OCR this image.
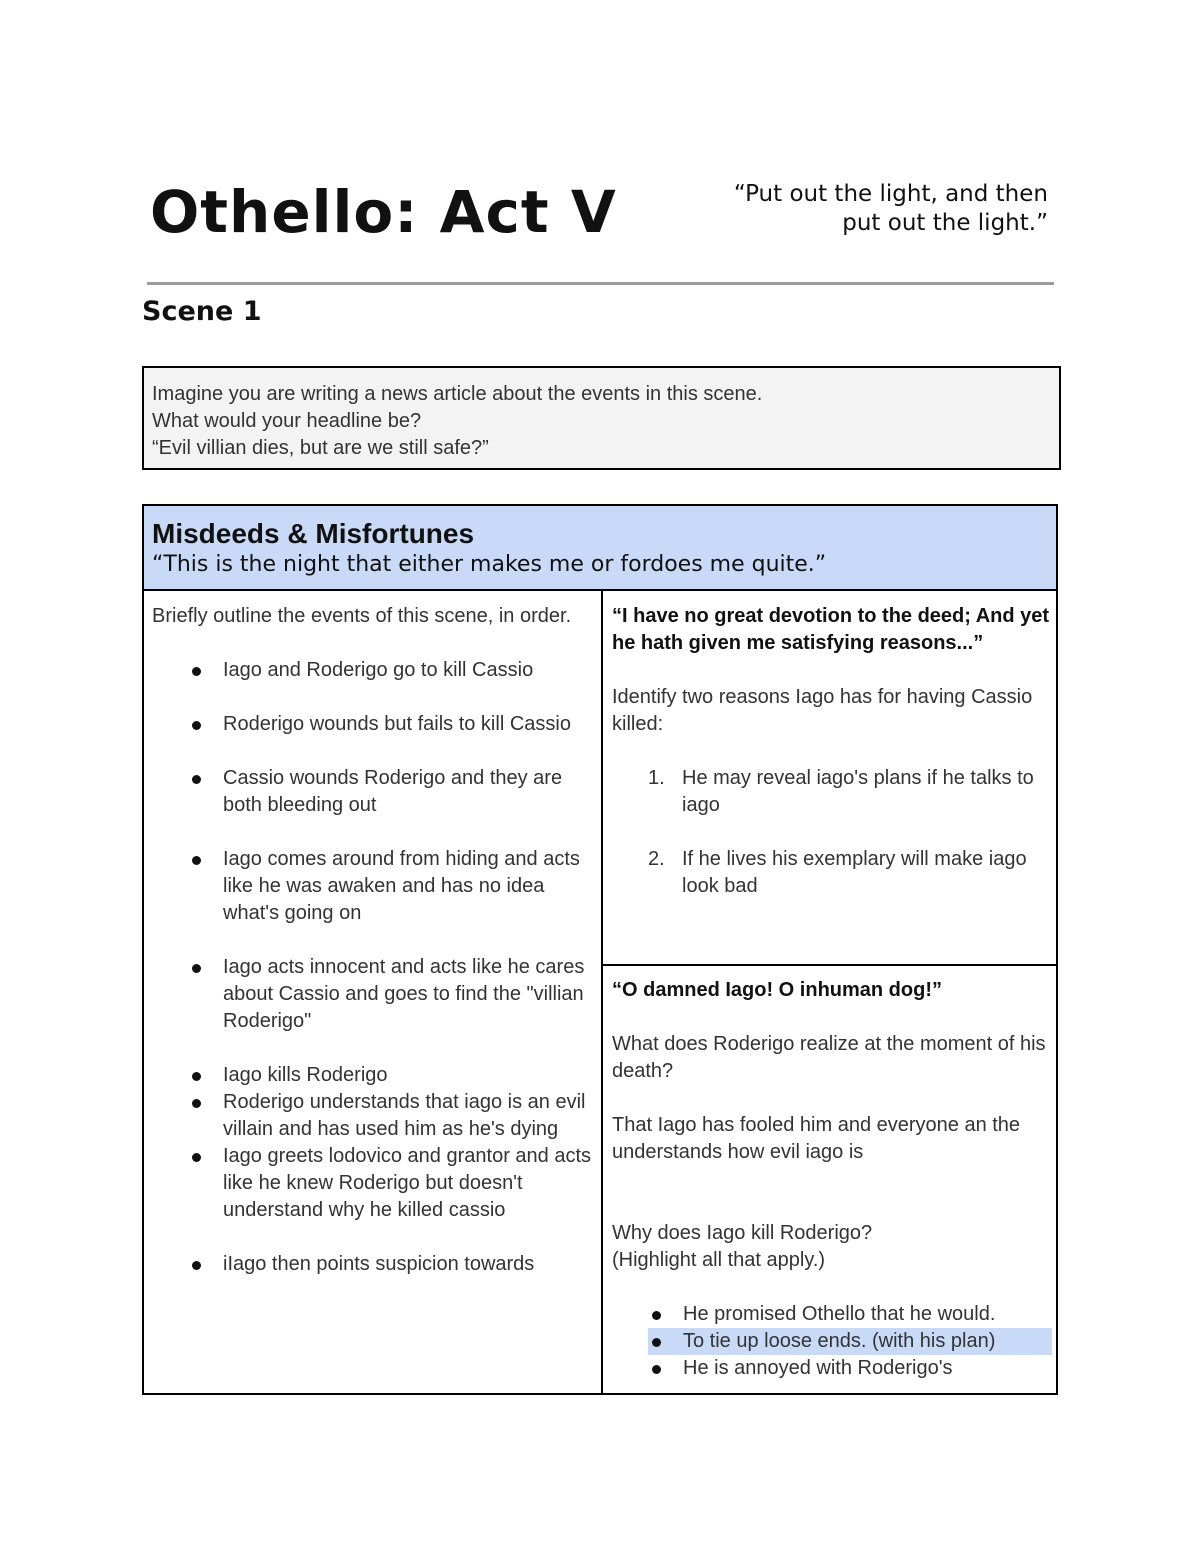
Othello: Act V	“Put out the light, and then
put out the light.”
Scene 1
Imagine you are writing a news article about the events in this scene.
What would your headline be?
“Evil villian dies, but are we still safe?”
Misdeeds & Misfortunes
“This is the night that either makes me or fordoes me quite.”
Briefly outline the events of this scene, in order.
Iago and Roderigo go to kill Cassio
Roderigo wounds but fails to kill Cassio
Cassio wounds Roderigo and they are both bleeding out
Iago comes around from hiding and acts like he was awaken and has no idea what's going on
Iago acts innocent and acts like he cares about Cassio and goes to find the "villian Roderigo"
Iago kills Roderigo
Roderigo understands that iago is an evil villain and has used him as he's dying
Iago greets lodovico and grantor and acts like he knew Roderigo but doesn't understand why he killed cassio
iIago then points suspicion towards
“I have no great devotion to the deed; And yet he hath given me satisfying reasons...”
Identify two reasons Iago has for having Cassio killed:
1. He may reveal iago's plans if he talks to iago
2. If he lives his exemplary will make iago look bad
“O damned Iago! O inhuman dog!”
What does Roderigo realize at the moment of his death?
That Iago has fooled him and everyone an the understands how evil iago is
Why does Iago kill Roderigo?
(Highlight all that apply.)
He promised Othello that he would.
To tie up loose ends. (with his plan)
He is annoyed with Roderigo's
